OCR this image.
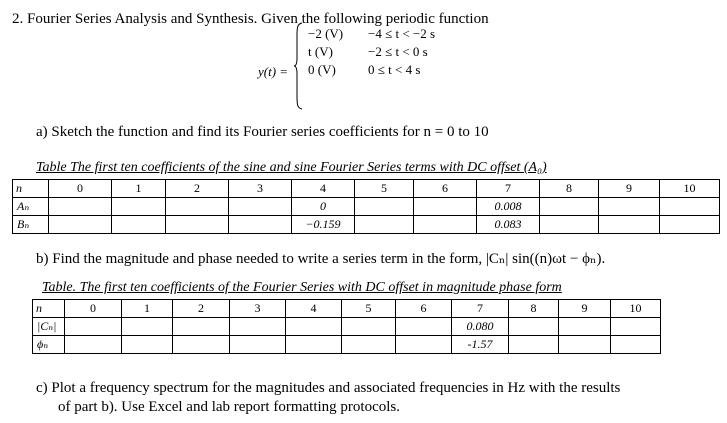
2. Fourier Series Analysis and Synthesis. Given the following periodic function
y(t) =
−2 (V) −4 ≤ t < −2 s
t (V)	−2 ≤ t < 0 s
0 (V) 0 ≤ t < 4 s
a) Sketch the function and find its Fourier series coefficients for n = 0 to 10
Table The first ten coefficients of the sine and sine Fourier Series terms with DC offset (A₀)
n	0	1	2	3	4	5	6	7	8	9	10
Aₙ					0			0.008			
Bₙ					−0.159			0.083			
b) Find the magnitude and phase needed to write a series term in the form, |Cₙ| sin((n)ωt − ϕₙ).
Table. The first ten coefficients of the Fourier Series with DC offset in magnitude phase form
n	0	1	2	3	4	5	6	7	8	9	10
|Cₙ|								0.080			
ϕₙ								-1.57			
c) Plot a frequency spectrum for the magnitudes and associated frequencies in Hz with the results
of part b). Use Excel and lab report formatting protocols.
